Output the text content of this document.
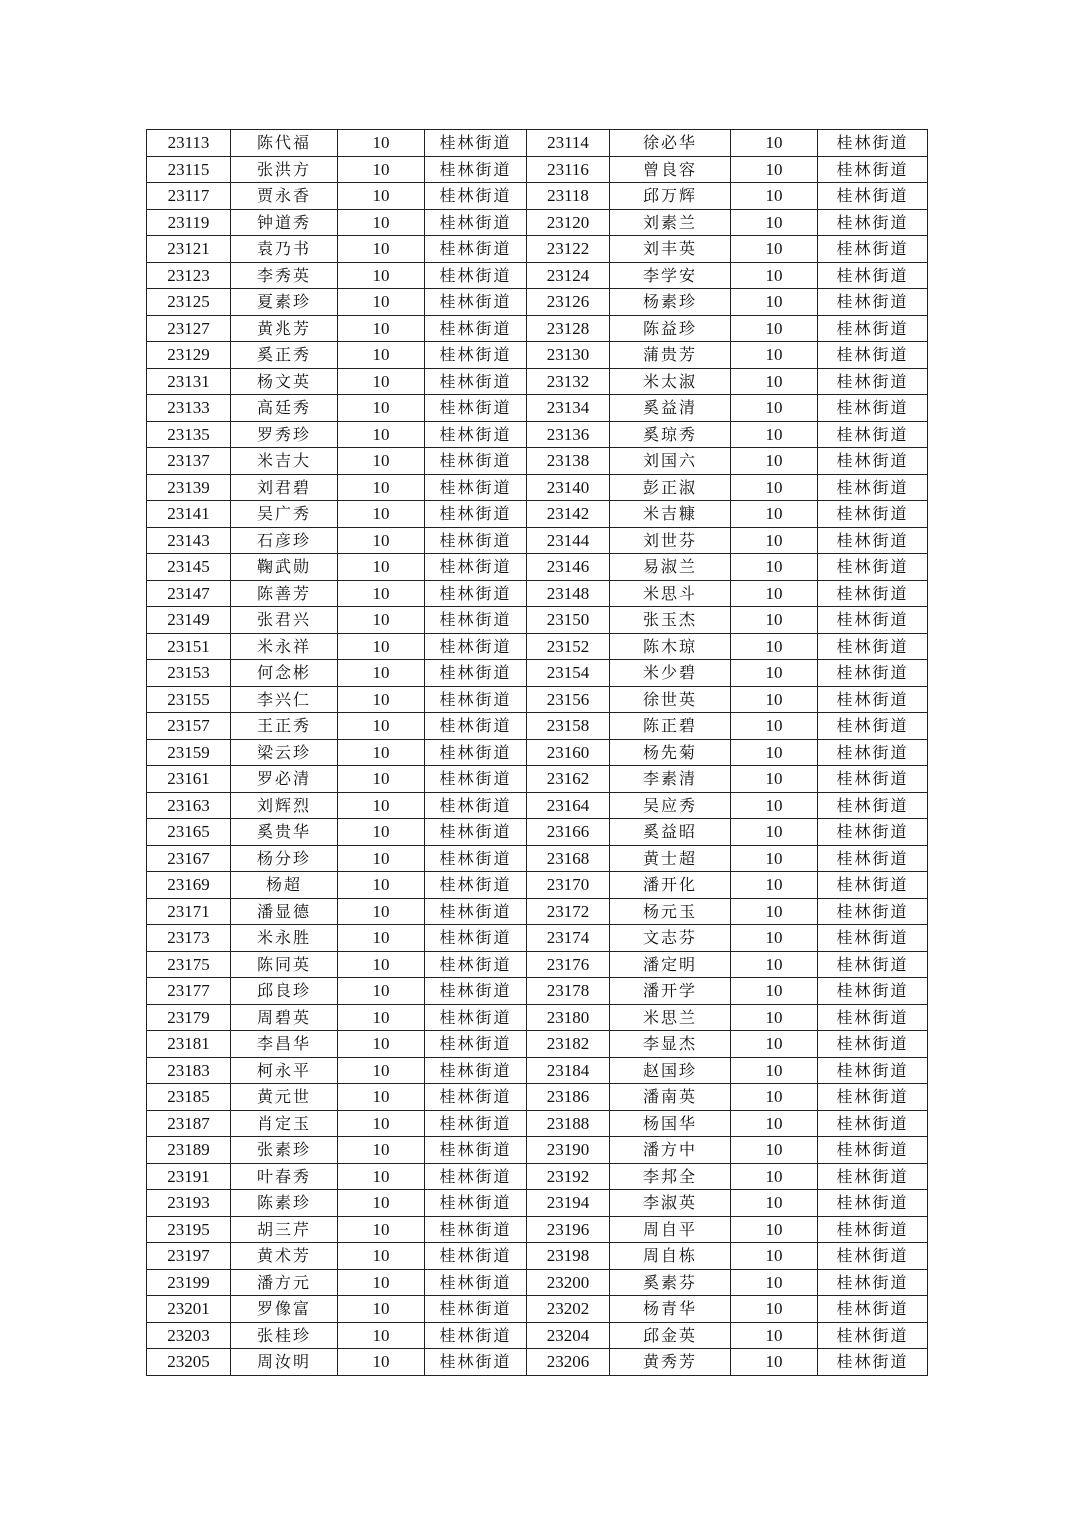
23113	陈代福	10	桂林街道	23114	徐必华	10	桂林街道
23115	张洪方	10	桂林街道	23116	曾良容	10	桂林街道
23117	贾永香	10	桂林街道	23118	邱万辉	10	桂林街道
23119	钟道秀	10	桂林街道	23120	刘素兰	10	桂林街道
23121	袁乃书	10	桂林街道	23122	刘丰英	10	桂林街道
23123	李秀英	10	桂林街道	23124	李学安	10	桂林街道
23125	夏素珍	10	桂林街道	23126	杨素珍	10	桂林街道
23127	黄兆芳	10	桂林街道	23128	陈益珍	10	桂林街道
23129	奚正秀	10	桂林街道	23130	蒲贵芳	10	桂林街道
23131	杨文英	10	桂林街道	23132	米太淑	10	桂林街道
23133	高廷秀	10	桂林街道	23134	奚益清	10	桂林街道
23135	罗秀珍	10	桂林街道	23136	奚琼秀	10	桂林街道
23137	米吉大	10	桂林街道	23138	刘国六	10	桂林街道
23139	刘君碧	10	桂林街道	23140	彭正淑	10	桂林街道
23141	吴广秀	10	桂林街道	23142	米吉糠	10	桂林街道
23143	石彦珍	10	桂林街道	23144	刘世芬	10	桂林街道
23145	鞠武勋	10	桂林街道	23146	易淑兰	10	桂林街道
23147	陈善芳	10	桂林街道	23148	米思斗	10	桂林街道
23149	张君兴	10	桂林街道	23150	张玉杰	10	桂林街道
23151	米永祥	10	桂林街道	23152	陈木琼	10	桂林街道
23153	何念彬	10	桂林街道	23154	米少碧	10	桂林街道
23155	李兴仁	10	桂林街道	23156	徐世英	10	桂林街道
23157	王正秀	10	桂林街道	23158	陈正碧	10	桂林街道
23159	梁云珍	10	桂林街道	23160	杨先菊	10	桂林街道
23161	罗必清	10	桂林街道	23162	李素清	10	桂林街道
23163	刘辉烈	10	桂林街道	23164	吴应秀	10	桂林街道
23165	奚贵华	10	桂林街道	23166	奚益昭	10	桂林街道
23167	杨分珍	10	桂林街道	23168	黄士超	10	桂林街道
23169	杨超	10	桂林街道	23170	潘开化	10	桂林街道
23171	潘显德	10	桂林街道	23172	杨元玉	10	桂林街道
23173	米永胜	10	桂林街道	23174	文志芬	10	桂林街道
23175	陈同英	10	桂林街道	23176	潘定明	10	桂林街道
23177	邱良珍	10	桂林街道	23178	潘开学	10	桂林街道
23179	周碧英	10	桂林街道	23180	米思兰	10	桂林街道
23181	李昌华	10	桂林街道	23182	李显杰	10	桂林街道
23183	柯永平	10	桂林街道	23184	赵国珍	10	桂林街道
23185	黄元世	10	桂林街道	23186	潘南英	10	桂林街道
23187	肖定玉	10	桂林街道	23188	杨国华	10	桂林街道
23189	张素珍	10	桂林街道	23190	潘方中	10	桂林街道
23191	叶春秀	10	桂林街道	23192	李邦全	10	桂林街道
23193	陈素珍	10	桂林街道	23194	李淑英	10	桂林街道
23195	胡三芹	10	桂林街道	23196	周自平	10	桂林街道
23197	黄术芳	10	桂林街道	23198	周自栋	10	桂林街道
23199	潘方元	10	桂林街道	23200	奚素芬	10	桂林街道
23201	罗像富	10	桂林街道	23202	杨青华	10	桂林街道
23203	张桂珍	10	桂林街道	23204	邱金英	10	桂林街道
23205	周汝明	10	桂林街道	23206	黄秀芳	10	桂林街道
